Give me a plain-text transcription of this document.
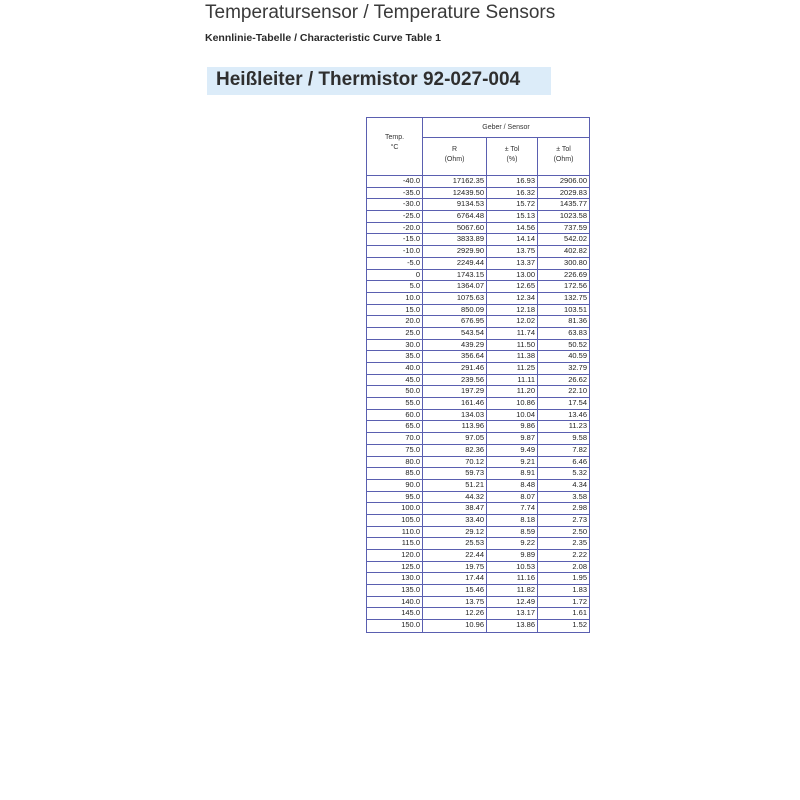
Temperatursensor / Temperature Sensors
Kennlinie-Tabelle / Characteristic Curve Table 1
Heißleiter / Thermistor 92-027-004
Temp.
°C
Geber / Sensor
R
(Ohm)
± Tol
(%)
± Tol
(Ohm)
-40.0	17162.35	16.93	2906.00
-35.0	12439.50	16.32	2029.83
-30.0	9134.53	15.72	1435.77
-25.0	6764.48	15.13	1023.58
-20.0	5067.60	14.56	737.59
-15.0	3833.89	14.14	542.02
-10.0	2929.90	13.75	402.82
-5.0	2249.44	13.37	300.80
0	1743.15	13.00	226.69
5.0	1364.07	12.65	172.56
10.0	1075.63	12.34	132.75
15.0	850.09	12.18	103.51
20.0	676.95	12.02	81.36
25.0	543.54	11.74	63.83
30.0	439.29	11.50	50.52
35.0	356.64	11.38	40.59
40.0	291.46	11.25	32.79
45.0	239.56	11.11	26.62
50.0	197.29	11.20	22.10
55.0	161.46	10.86	17.54
60.0	134.03	10.04	13.46
65.0	113.96	9.86	11.23
70.0	97.05	9.87	9.58
75.0	82.36	9.49	7.82
80.0	70.12	9.21	6.46
85.0	59.73	8.91	5.32
90.0	51.21	8.48	4.34
95.0	44.32	8.07	3.58
100.0	38.47	7.74	2.98
105.0	33.40	8.18	2.73
110.0	29.12	8.59	2.50
115.0	25.53	9.22	2.35
120.0	22.44	9.89	2.22
125.0	19.75	10.53	2.08
130.0	17.44	11.16	1.95
135.0	15.46	11.82	1.83
140.0	13.75	12.49	1.72
145.0	12.26	13.17	1.61
150.0	10.96	13.86	1.52
